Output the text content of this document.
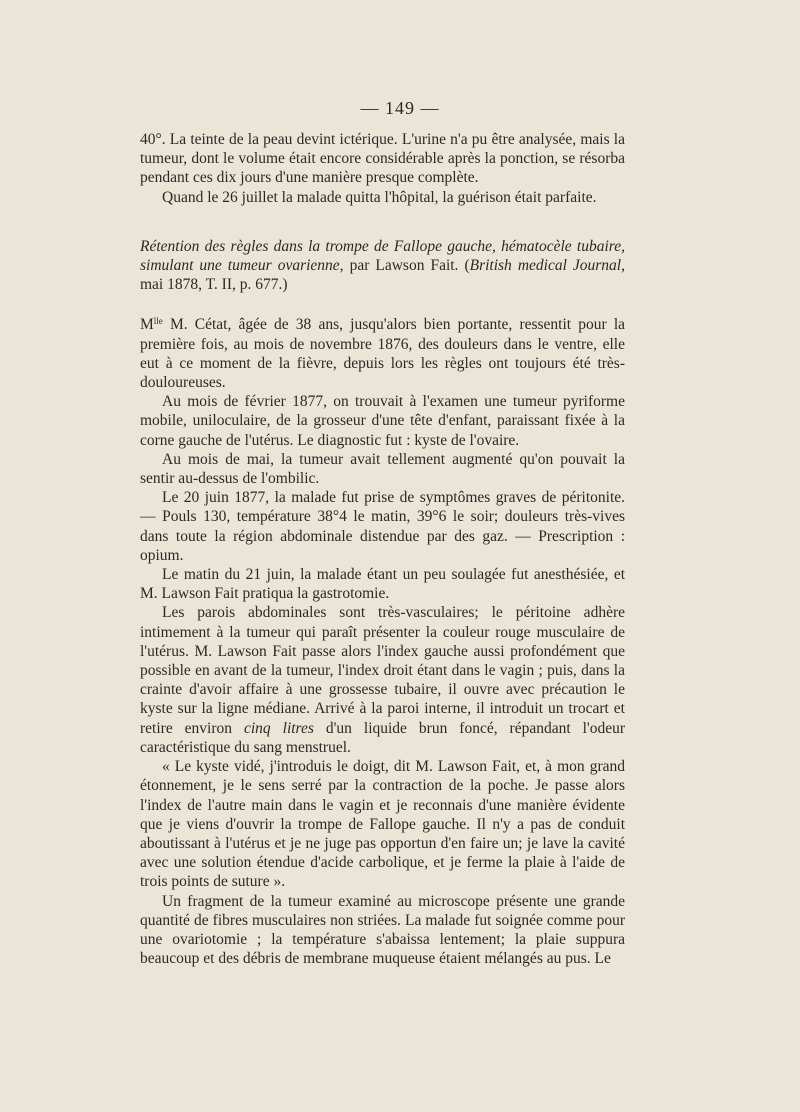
— 149 —

40°. La teinte de la peau devint ictérique. L'urine n'a pu être analysée, mais la tumeur, dont le volume était encore considérable après la ponction, se résorba pendant ces dix jours d'une manière presque complète.

Quand le 26 juillet la malade quitta l'hôpital, la guérison était parfaite.

Rétention des règles dans la trompe de Fallope gauche, hématocèle tubaire, simulant une tumeur ovarienne, par Lawson Fait. (British medical Journal, mai 1878, T. II, p. 677.)

$M^{lle}$ M. Cétat, âgée de 38 ans, jusqu'alors bien portante, ressentit pour la première fois, au mois de novembre 1876, des douleurs dans le ventre, elle eut à ce moment de la fièvre, depuis lors les règles ont toujours été très-douloureuses.

Au mois de février 1877, on trouvait à l'examen une tumeur pyriforme mobile, uniloculaire, de la grosseur d'une tête d'enfant, paraissant fixée à la corne gauche de l'utérus. Le diagnostic fut : kyste de l'ovaire.

Au mois de mai, la tumeur avait tellement augmenté qu'on pouvait la sentir au-dessus de l'ombilic.

Le 20 juin 1877, la malade fut prise de symptômes graves de péritonite. — Pouls 130, température 38°4 le matin, 39°6 le soir; douleurs très-vives dans toute la région abdominale distendue par des gaz. — Prescription : opium.

Le matin du 21 juin, la malade étant un peu soulagée fut anesthésiée, et M. Lawson Fait pratiqua la gastrotomie.

Les parois abdominales sont très-vasculaires; le péritoine adhère intimement à la tumeur qui paraît présenter la couleur rouge musculaire de l'utérus. M. Lawson Fait passe alors l'index gauche aussi profondément que possible en avant de la tumeur, l'index droit étant dans le vagin ; puis, dans la crainte d'avoir affaire à une grossesse tubaire, il ouvre avec précaution le kyste sur la ligne médiane. Arrivé à la paroi interne, il introduit un trocart et retire environ cinq litres d'un liquide brun foncé, répandant l'odeur caractéristique du sang menstruel.

« Le kyste vidé, j'introduis le doigt, dit M. Lawson Fait, et, à mon grand étonnement, je le sens serré par la contraction de la poche. Je passe alors l'index de l'autre main dans le vagin et je reconnais d'une manière évidente que je viens d'ouvrir la trompe de Fallope gauche. Il n'y a pas de conduit aboutissant à l'utérus et je ne juge pas opportun d'en faire un; je lave la cavité avec une solution étendue d'acide carbolique, et je ferme la plaie à l'aide de trois points de suture ».

Un fragment de la tumeur examiné au microscope présente une grande quantité de fibres musculaires non striées. La malade fut soignée comme pour une ovariotomie ; la température s'abaissa lentement; la plaie suppura beaucoup et des débris de membrane muqueuse étaient mélangés au pus. Le
